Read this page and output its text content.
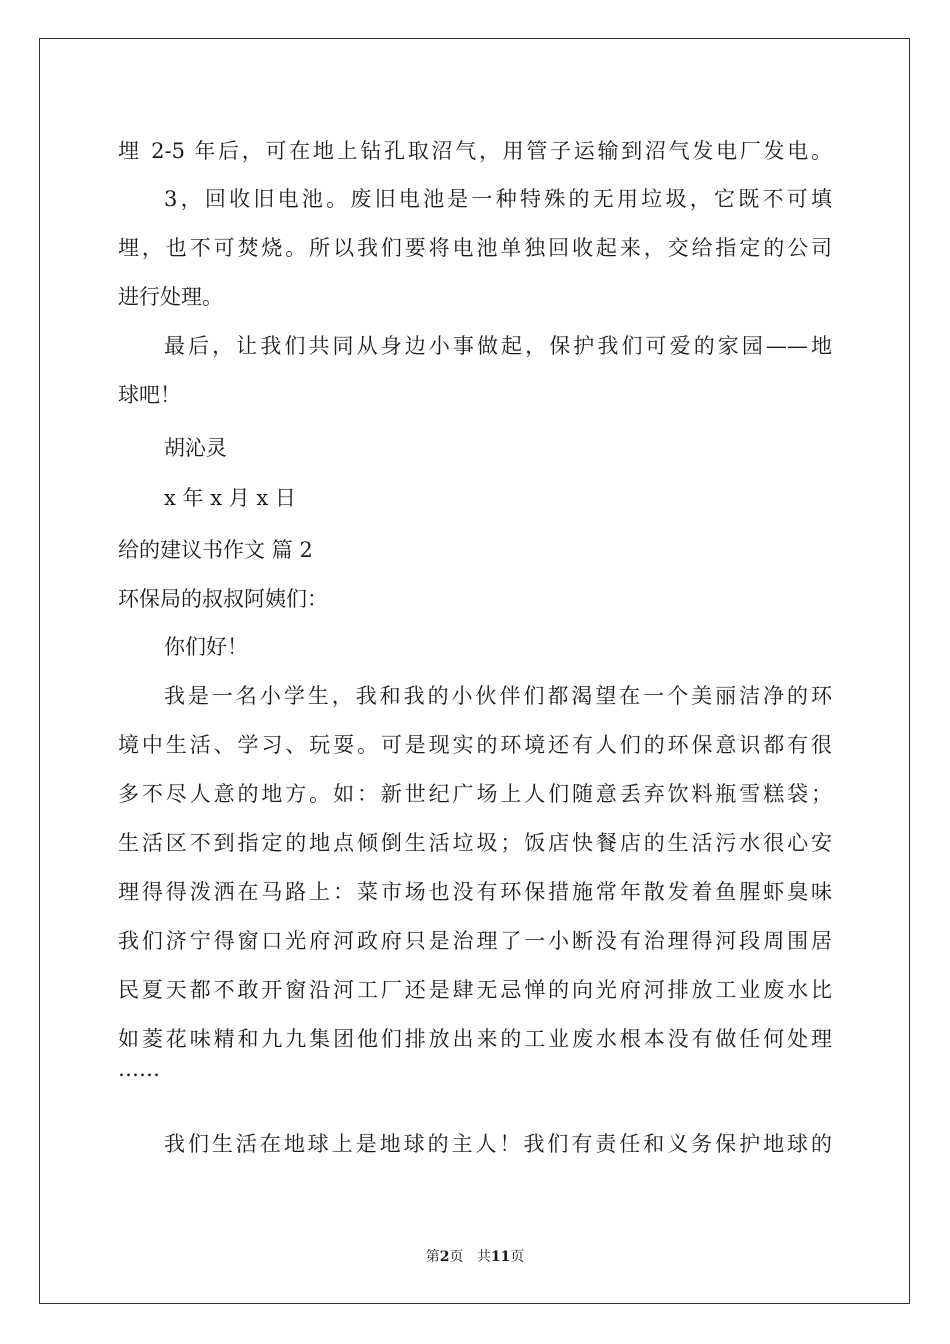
埋 2-5 年后，可在地上钻孔取沼气，用管子运输到沼气发电厂发电。

3，回收旧电池。废旧电池是一种特殊的无用垃圾，它既不可填

埋，也不可焚烧。所以我们要将电池单独回收起来，交给指定的公司

进行处理。

最后，让我们共同从身边小事做起，保护我们可爱的家园——地

球吧！

胡沁灵

x 年 x 月 x 日

给的建议书作文 篇 2

环保局的叔叔阿姨们：

你们好！

我是一名小学生，我和我的小伙伴们都渴望在一个美丽洁净的环

境中生活、学习、玩耍。可是现实的环境还有人们的环保意识都有很

多不尽人意的地方。如：新世纪广场上人们随意丢弃饮料瓶雪糕袋；

生活区不到指定的地点倾倒生活垃圾；饭店快餐店的生活污水很心安

理得得泼洒在马路上：菜市场也没有环保措施常年散发着鱼腥虾臭味

我们济宁得窗口光府河政府只是治理了一小断没有治理得河段周围居

民夏天都不敢开窗沿河工厂还是肆无忌惮的向光府河排放工业废水比

如菱花味精和九九集团他们排放出来的工业废水根本没有做任何处理

……

我们生活在地球上是地球的主人！我们有责任和义务保护地球的

第2页 共11页
